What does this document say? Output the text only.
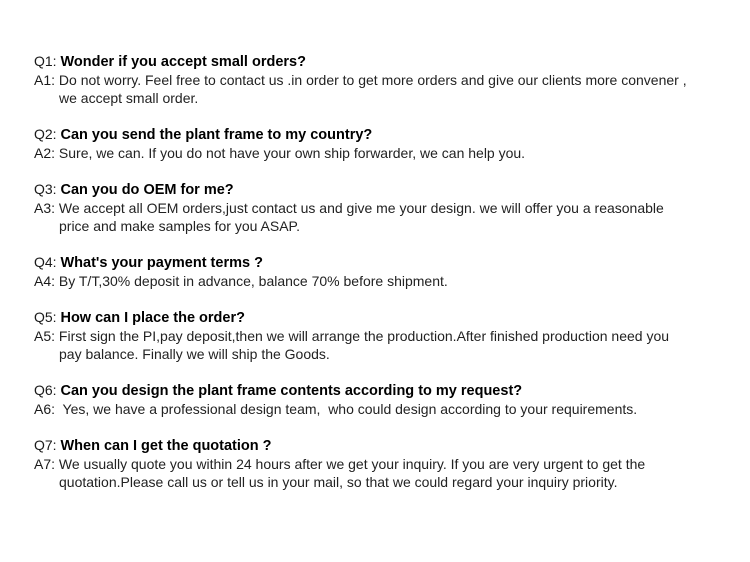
Q1: Wonder if you accept small orders?
A1: Do not worry. Feel free to contact us .in order to get more orders and give our clients more convener ,
we accept small order.
Q2: Can you send the plant frame to my country?
A2: Sure, we can. If you do not have your own ship forwarder, we can help you.
Q3: Can you do OEM for me?
A3: We accept all OEM orders,just contact us and give me your design. we will offer you a reasonable
price and make samples for you ASAP.
Q4: What's your payment terms ?
A4: By T/T,30% deposit in advance, balance 70% before shipment.
Q5: How can I place the order?
A5: First sign the PI,pay deposit,then we will arrange the production.After finished production need you
pay balance. Finally we will ship the Goods.
Q6: Can you design the plant frame contents according to my request?
A6:  Yes, we have a professional design team,  who could design according to your requirements.
Q7: When can I get the quotation ?
A7: We usually quote you within 24 hours after we get your inquiry. If you are very urgent to get the
quotation.Please call us or tell us in your mail, so that we could regard your inquiry priority.
